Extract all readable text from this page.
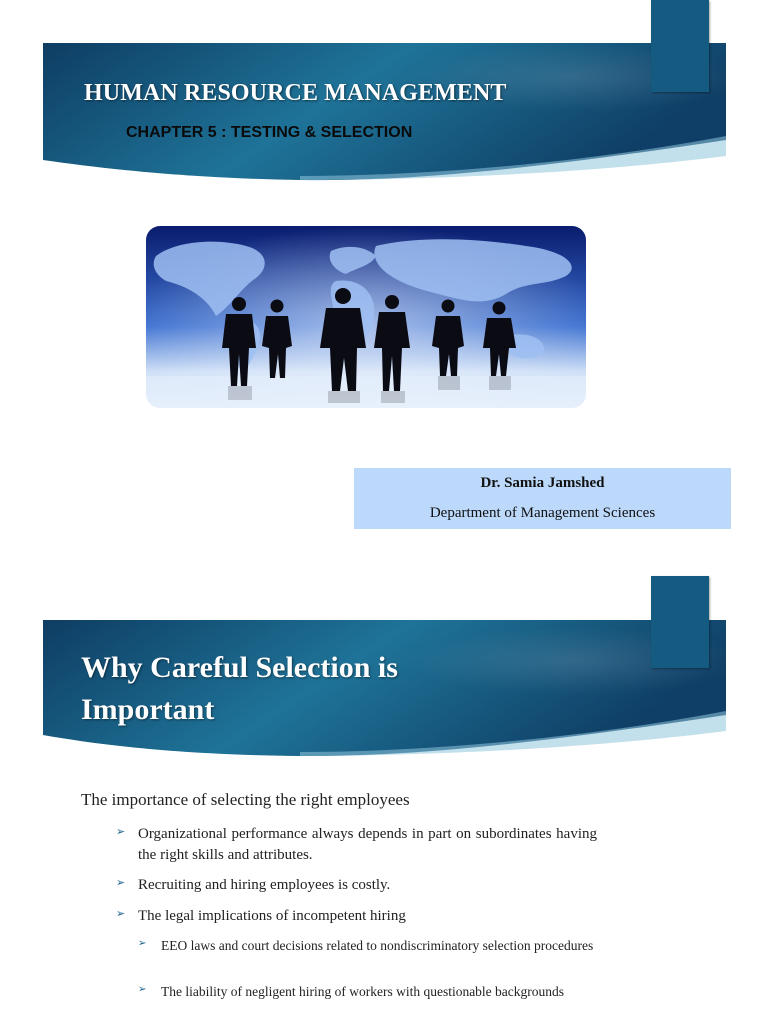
HUMAN RESOURCE MANAGEMENT
CHAPTER 5 : TESTING & SELECTION
Dr. Samia Jamshed
Department of Management Sciences
Why Careful Selection is Important

The importance of selecting the right employees

➢ Organizational performance always depends in part on subordinates having the right skills and attributes.
➢ Recruiting and hiring employees is costly.
➢ The legal implications of incompetent hiring
➢ EEO laws and court decisions related to nondiscriminatory selection procedures
➢ The liability of negligent hiring of workers with questionable backgrounds
